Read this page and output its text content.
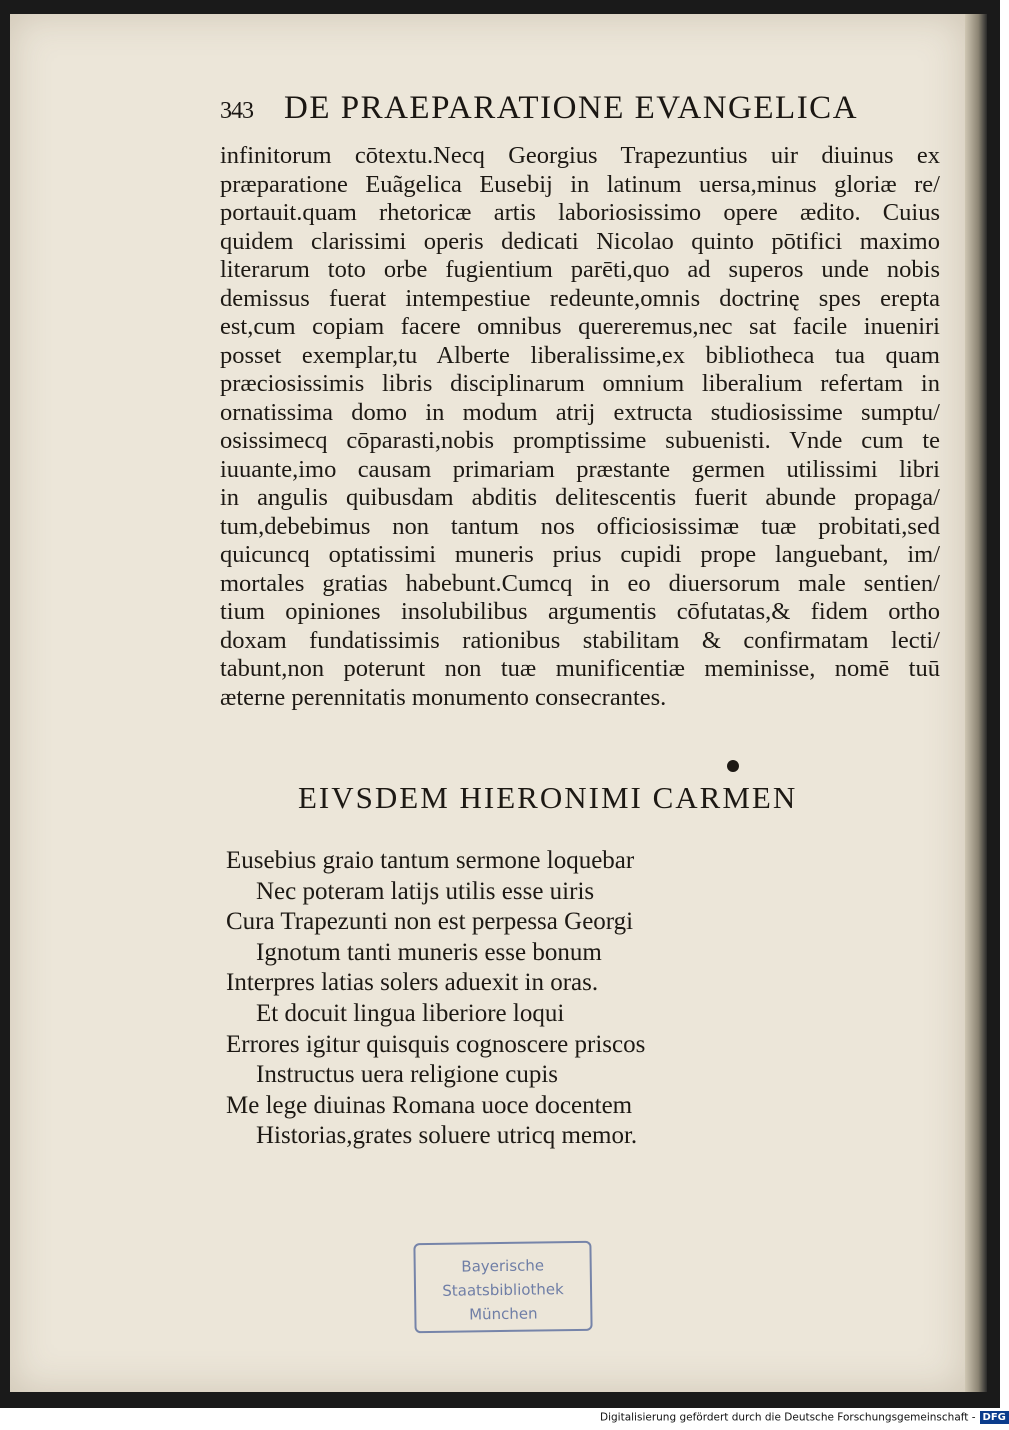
343 DE PRAEPARATIONE EVANGELICA
infinitorum cōtextu.Necq Georgius Trapezuntius uir diuinus ex
præparatione Euãgelica Eusebij in latinum uersa,minus gloriæ re/
portauit.quam rhetoricæ artis laboriosissimo opere ædito. Cuius
quidem clarissimi operis dedicati Nicolao quinto pōtifici maximo
literarum toto orbe fugientium parēti,quo ad superos unde nobis
demissus fuerat intempestiue redeunte,omnis doctrinę spes erepta
est,cum copiam facere omnibus quereremus,nec sat facile inueniri
posset exemplar,tu Alberte liberalissime,ex bibliotheca tua quam
præciosissimis libris disciplinarum omnium liberalium refertam in
ornatissima domo in modum atrij extructa studiosissime sumptu/
osissimecq cōparasti,nobis promptissime subuenisti. Vnde cum te
iuuante,imo causam primariam præstante germen utilissimi libri
in angulis quibusdam abditis delitescentis fuerit abunde propaga/
tum,debebimus non tantum nos officiosissimæ tuæ probitati,sed
quicuncq optatissimi muneris prius cupidi prope languebant, im/
mortales gratias habebunt.Cumcq in eo diuersorum male sentien/
tium opiniones insolubilibus argumentis cōfutatas,& fidem ortho
doxam fundatissimis rationibus stabilitam & confirmatam lecti/
tabunt,non poterunt non tuæ munificentiæ meminisse, nomē tuū
æterne perennitatis monumento consecrantes.
EIVSDEM HIERONIMI CARMEN
Eusebius graio tantum sermone loquebar
Nec poteram latijs utilis esse uiris
Cura Trapezunti non est perpessa Georgi
Ignotum tanti muneris esse bonum
Interpres latias solers aduexit in oras.
Et docuit lingua liberiore loqui
Errores igitur quisquis cognoscere priscos
Instructus uera religione cupis
Me lege diuinas Romana uoce docentem
Historias,grates soluere utricq memor.
Bayerische
Staatsbibliothek
München
Digitalisierung gefördert durch die Deutsche Forschungsgemeinschaft - DFG
